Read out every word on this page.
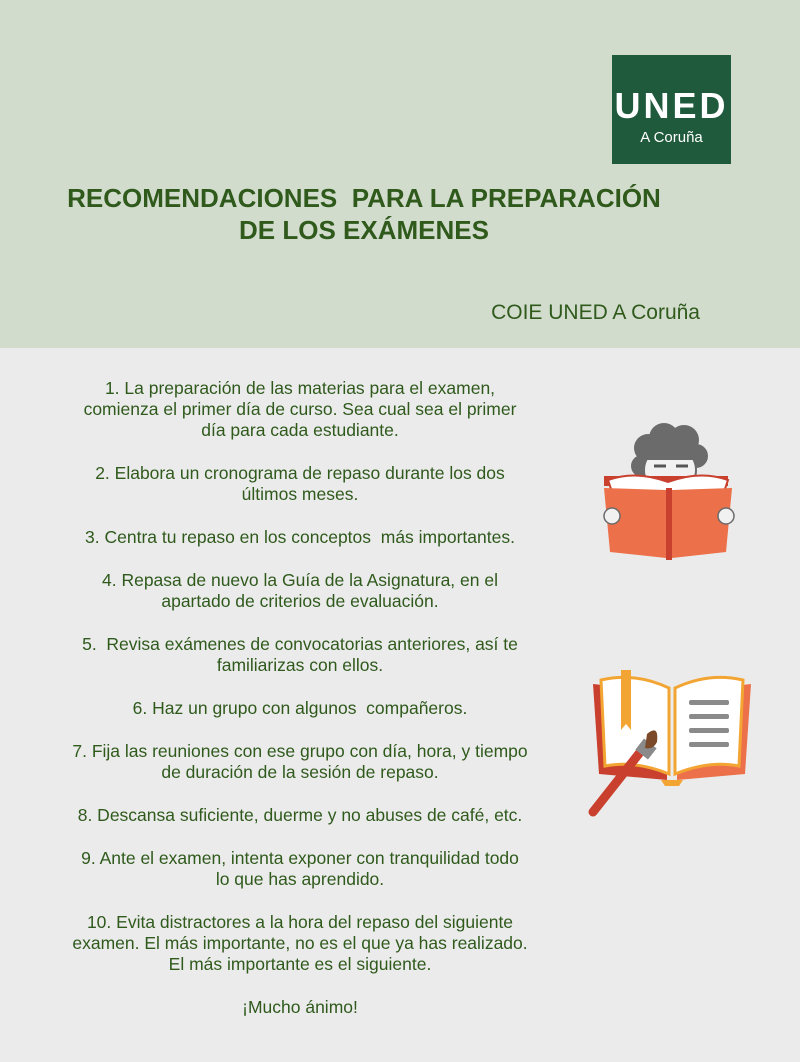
UNED
A Coruña
RECOMENDACIONES  PARA LA PREPARACIÓN
DE LOS EXÁMENES
COIE UNED A Coruña
1. La preparación de las materias para el examen,
comienza el primer día de curso. Sea cual sea el primer
día para cada estudiante.
2. Elabora un cronograma de repaso durante los dos
últimos meses.
3. Centra tu repaso en los conceptos  más importantes.
4. Repasa de nuevo la Guía de la Asignatura, en el
apartado de criterios de evaluación.
5.  Revisa exámenes de convocatorias anteriores, así te
familiarizas con ellos.
6. Haz un grupo con algunos  compañeros.
7. Fija las reuniones con ese grupo con día, hora, y tiempo
de duración de la sesión de repaso.
8. Descansa suficiente, duerme y no abuses de café, etc.
9. Ante el examen, intenta exponer con tranquilidad todo
lo que has aprendido.
10. Evita distractores a la hora del repaso del siguiente
examen. El más importante, no es el que ya has realizado.
El más importante es el siguiente.
¡Mucho ánimo!
